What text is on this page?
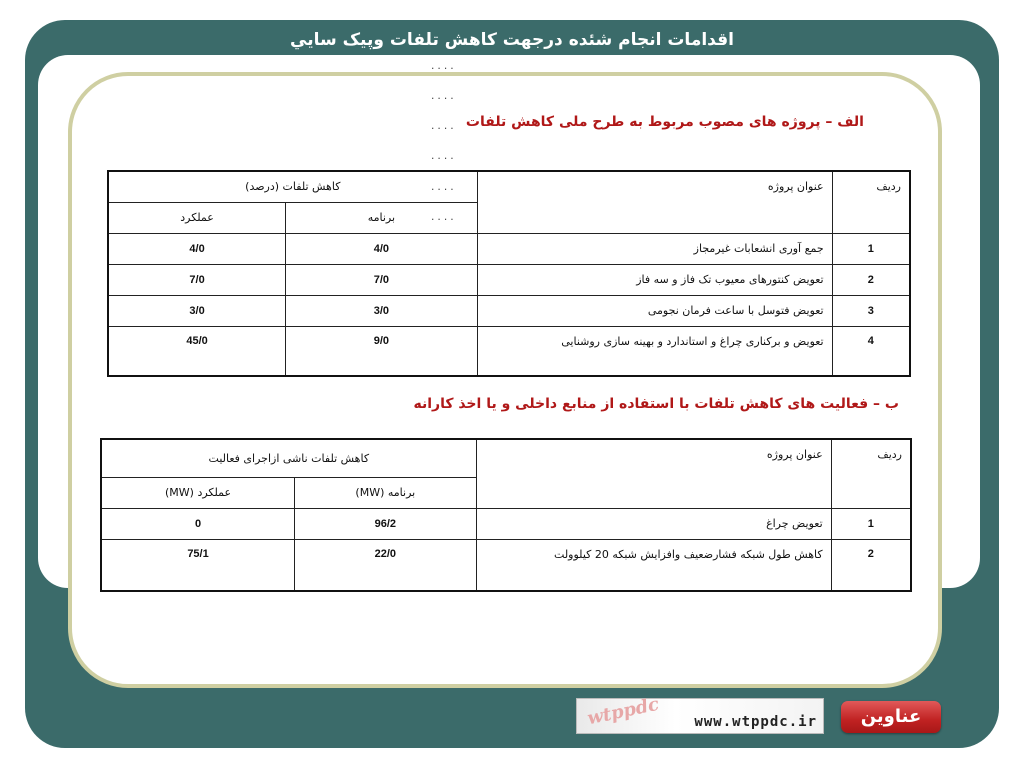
اقدامات انجام شئده درجهت كاهش تلفات وپيک سايي
....
....
....
....
....
....
الف – پروژه های مصوب مربوط به طرح ملی کاهش تلفات
ردیف	عنوان پروژه	کاهش تلفات (درصد)	
		برنامه	عملکرد
1	جمع آوری انشعابات غیرمجاز	4/0	4/0
2	تعویض کنتورهای معیوب تک فاز و سه فاز	7/0	7/0
3	تعویض فتوسل با ساعت فرمان نجومی	3/0	3/0
4	تعویض و برکناری چراغ و استاندارد و بهینه سازی روشنایی	9/0	45/0
ب – فعالیت های کاهش تلفات با استفاده از منابع داخلی و یا اخذ کارانه
ردیف	عنوان پروژه	کاهش تلفات ناشی ازاجرای فعالیت	
		برنامه (MW)	عملکرد (MW)
1	تعویض چراغ	96/2	0
2	کاهش طول شبکه فشارضعیف وافزایش شبکه 20 کیلوولت	22/0	75/1
wtppdc www.wtppdc.ir	عناوین
